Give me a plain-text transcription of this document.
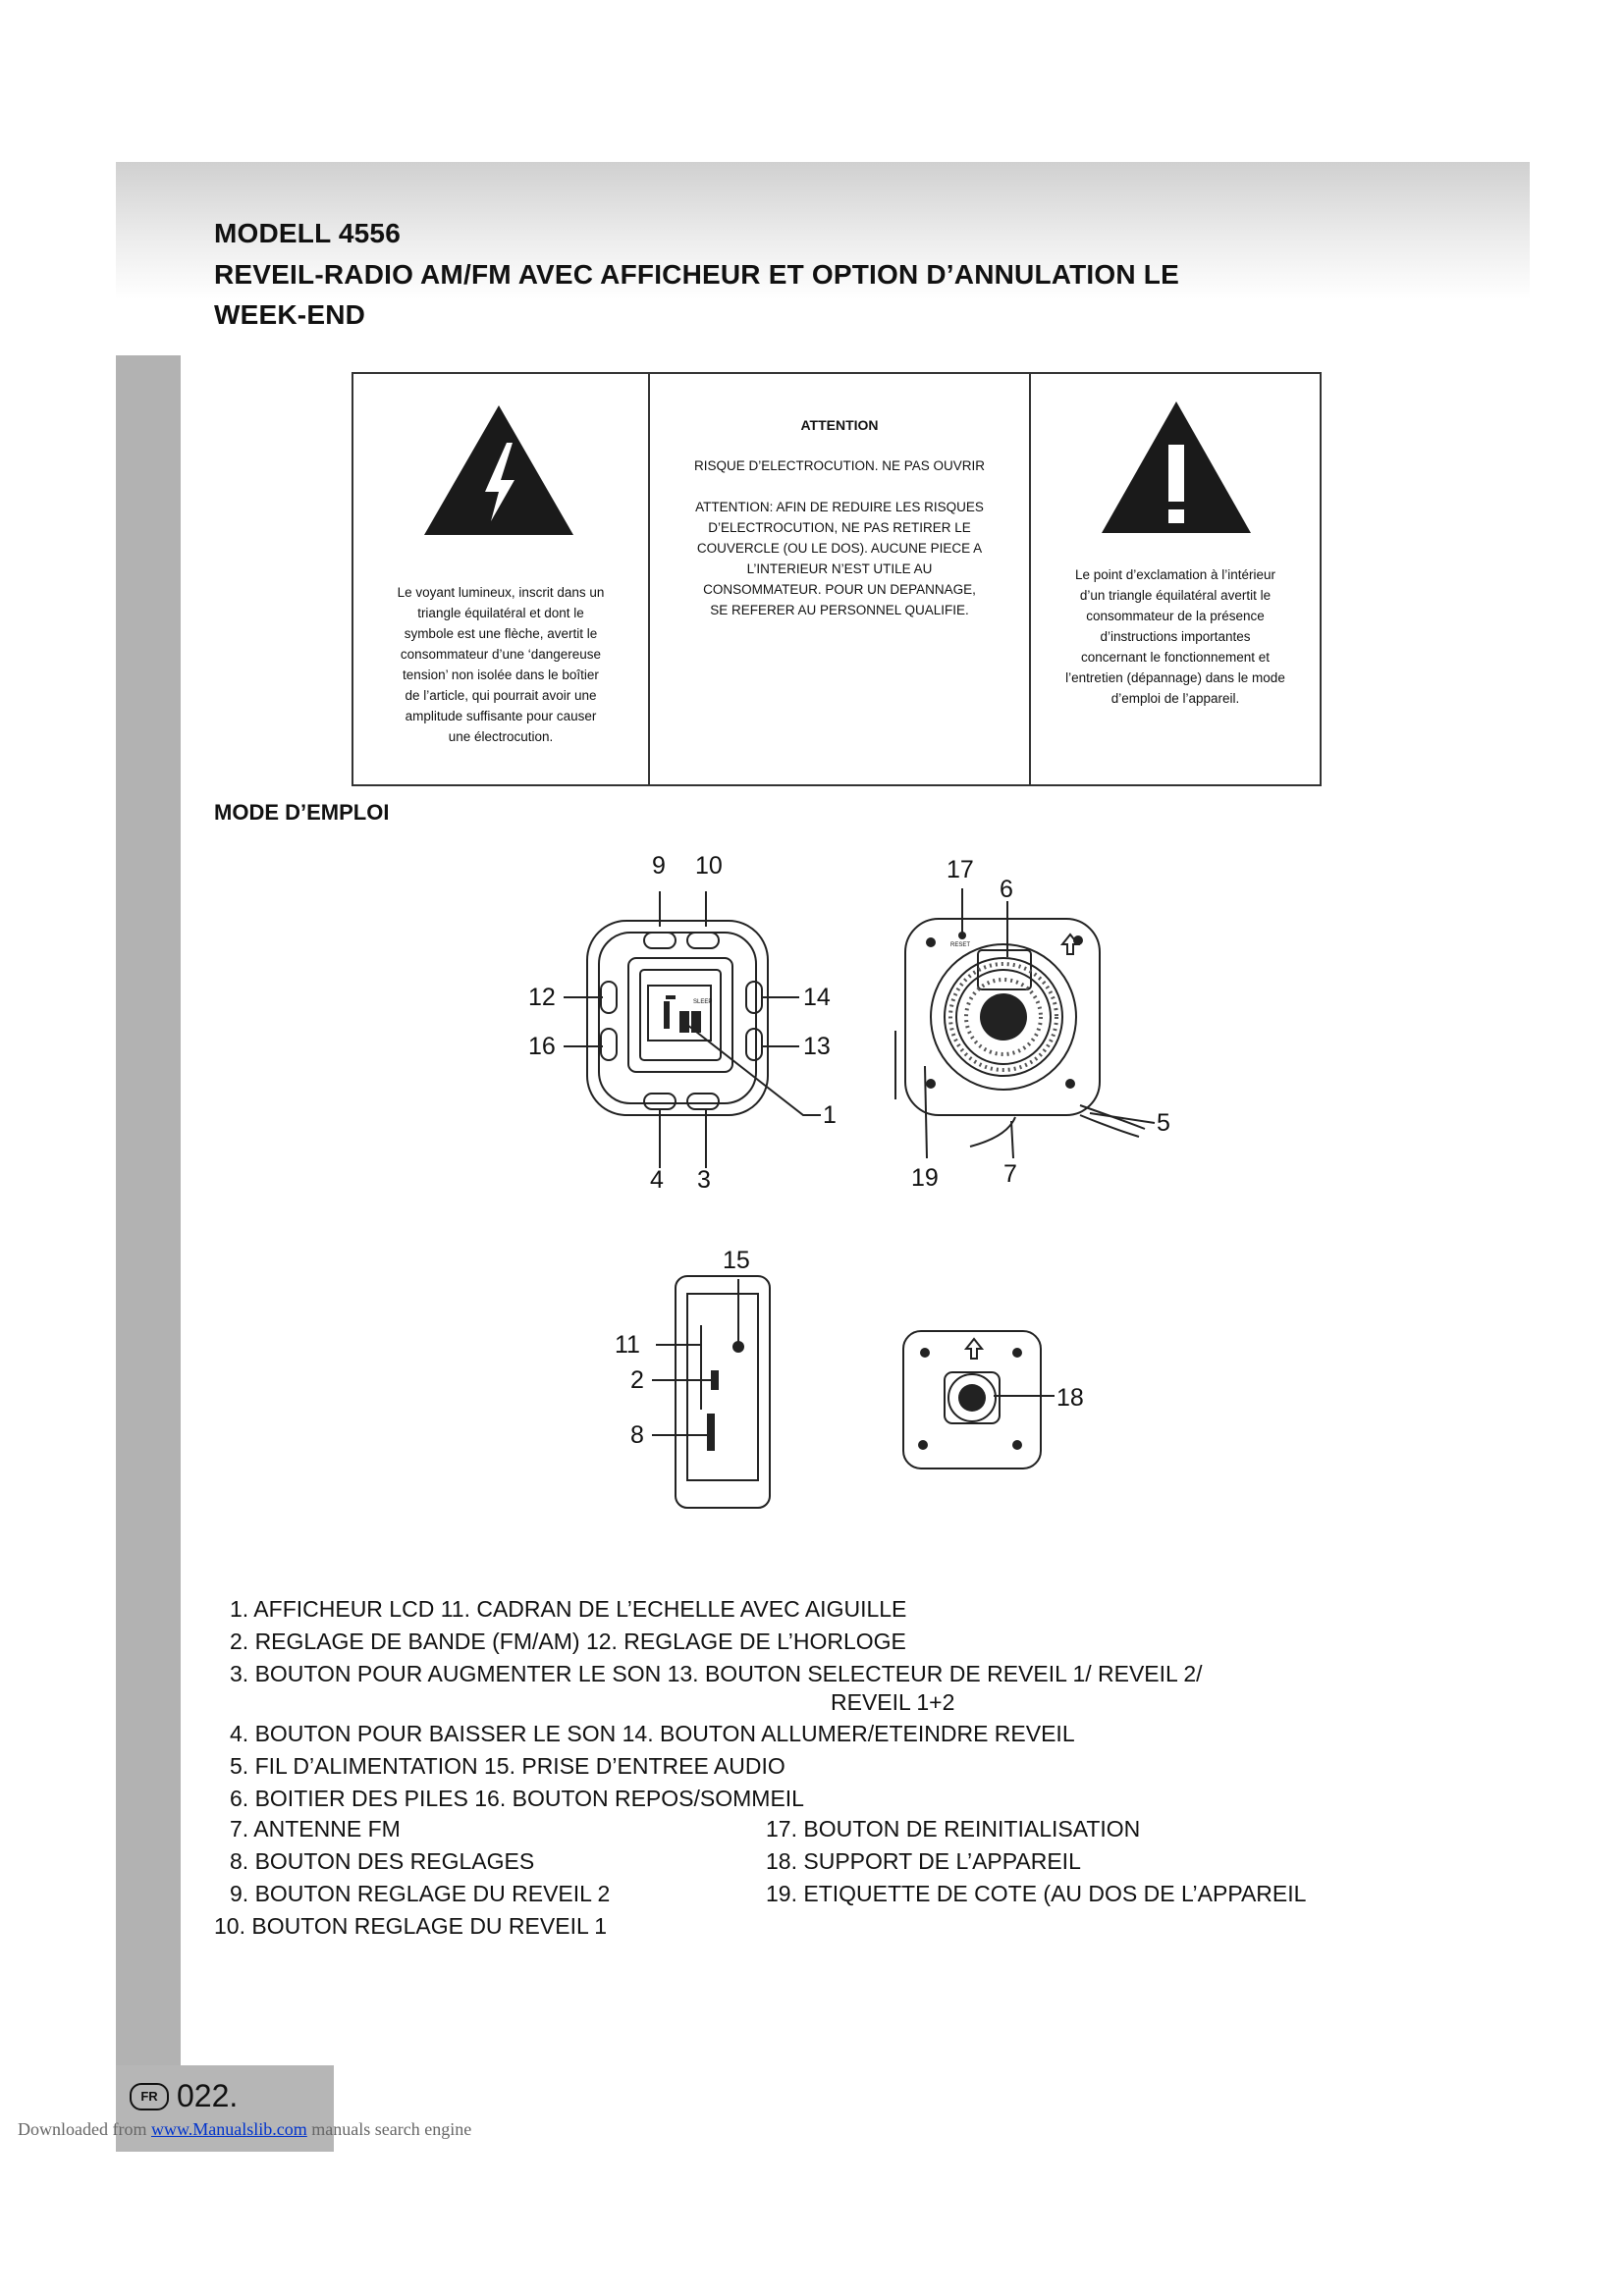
MODELL 4556
REVEIL-RADIO AM/FM AVEC AFFICHEUR ET OPTION D’ANNULATION LE
WEEK-END
Le voyant lumineux, inscrit dans un
triangle équilatéral et dont le
symbole est une flèche, avertit le
consommateur d’une ‘dangereuse
tension’ non isolée dans le boîtier
de l’article, qui pourrait avoir une
amplitude suffisante pour causer
une électrocution.
ATTENTION
RISQUE D’ELECTROCUTION. NE PAS OUVRIR
ATTENTION: AFIN DE REDUIRE LES RISQUES
D’ELECTROCUTION, NE PAS RETIRER LE
COUVERCLE (OU LE DOS). AUCUNE PIECE A
L’INTERIEUR N’EST UTILE AU
CONSOMMATEUR. POUR UN DEPANNAGE,
SE REFERER AU PERSONNEL QUALIFIE.
Le point d’exclamation à l’intérieur
d’un triangle équilatéral avertit le
consommateur de la présence
d’instructions importantes
concernant le fonctionnement et
l’entretien (dépannage) dans le mode
d’emploi de l’appareil.
MODE D’EMPLOI
9 10
12	14
16	13
1
4 3
17
6
5
19	7
15
11
2
8
18
SLEEP
RESET
1. AFFICHEUR LCD 11. CADRAN DE L’ECHELLE AVEC AIGUILLE
2. REGLAGE DE BANDE (FM/AM) 12. REGLAGE DE L’HORLOGE
3. BOUTON POUR AUGMENTER LE SON 13. BOUTON SELECTEUR DE REVEIL 1/ REVEIL 2/
REVEIL 1+2
4. BOUTON POUR BAISSER LE SON 14. BOUTON ALLUMER/ETEINDRE REVEIL
5. FIL D’ALIMENTATION 15. PRISE D’ENTREE AUDIO
6. BOITIER DES PILES 16. BOUTON REPOS/SOMMEIL
7. ANTENNE FM
8. BOUTON DES REGLAGES
9. BOUTON REGLAGE DU REVEIL 2
10. BOUTON REGLAGE DU REVEIL 1
17. BOUTON DE REINITIALISATION
18. SUPPORT DE L’APPAREIL
19. ETIQUETTE DE COTE (AU DOS DE L’APPAREIL
FR 022.
Downloaded from www.Manualslib.com manuals search engine
